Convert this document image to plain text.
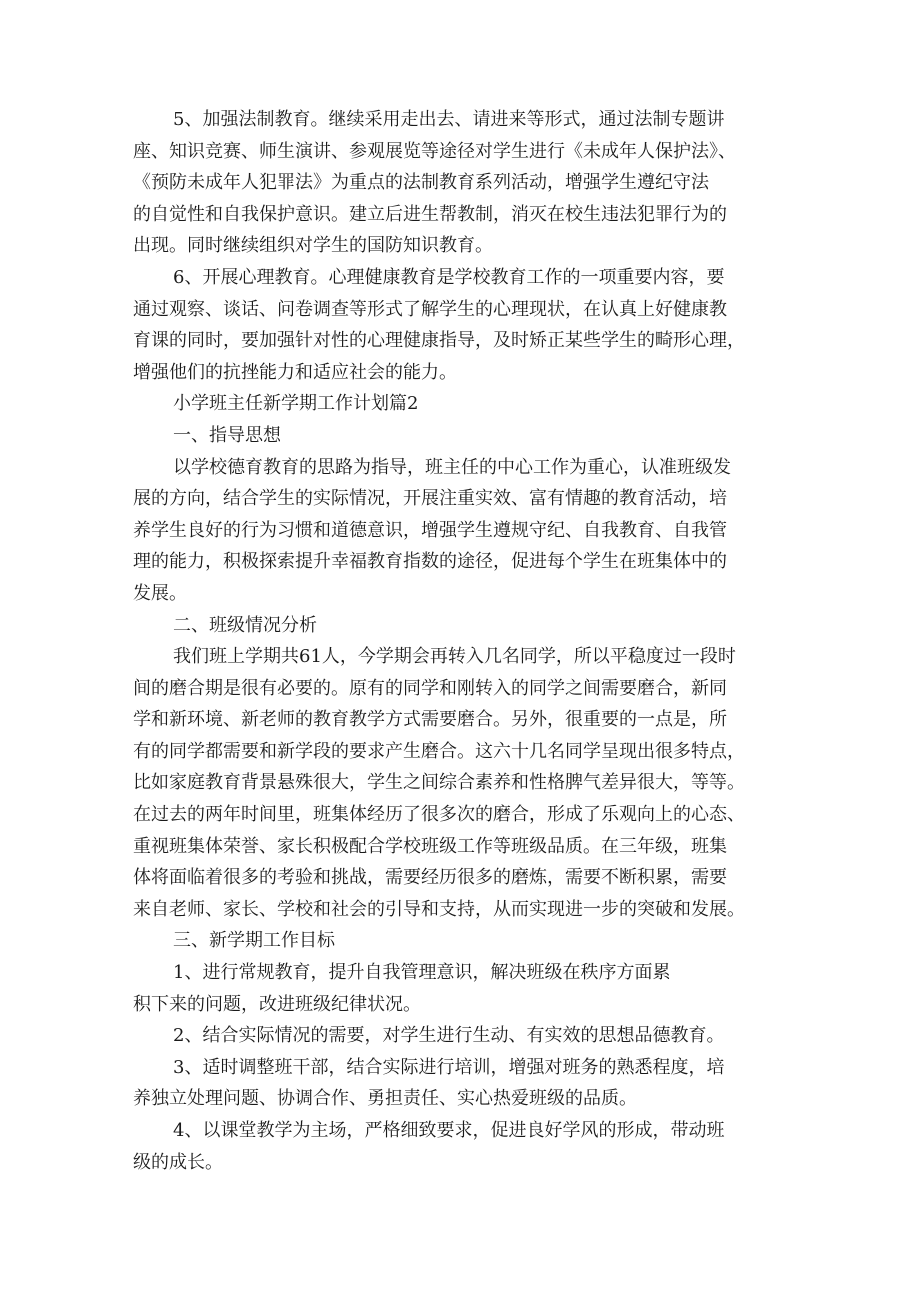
5、加强法制教育。继续采用走出去、请进来等形式，通过法制专题讲
座、知识竞赛、师生演讲、参观展览等途径对学生进行《未成年人保护法》、
《预防未成年人犯罪法》为重点的法制教育系列活动，增强学生遵纪守法
的自觉性和自我保护意识。建立后进生帮教制，消灭在校生违法犯罪行为的
出现。同时继续组织对学生的国防知识教育。
6、开展心理教育。心理健康教育是学校教育工作的一项重要内容，要
通过观察、谈话、问卷调查等形式了解学生的心理现状，在认真上好健康教
育课的同时，要加强针对性的心理健康指导，及时矫正某些学生的畸形心理，
增强他们的抗挫能力和适应社会的能力。
小学班主任新学期工作计划篇2
一、指导思想
以学校德育教育的思路为指导，班主任的中心工作为重心，认准班级发
展的方向，结合学生的实际情况，开展注重实效、富有情趣的教育活动，培
养学生良好的行为习惯和道德意识，增强学生遵规守纪、自我教育、自我管
理的能力，积极探索提升幸福教育指数的途径，促进每个学生在班集体中的
发展。
二、班级情况分析
我们班上学期共61人，今学期会再转入几名同学，所以平稳度过一段时
间的磨合期是很有必要的。原有的同学和刚转入的同学之间需要磨合，新同
学和新环境、新老师的教育教学方式需要磨合。另外，很重要的一点是，所
有的同学都需要和新学段的要求产生磨合。这六十几名同学呈现出很多特点，
比如家庭教育背景悬殊很大，学生之间综合素养和性格脾气差异很大，等等。
在过去的两年时间里，班集体经历了很多次的磨合，形成了乐观向上的心态、
重视班集体荣誉、家长积极配合学校班级工作等班级品质。在三年级，班集
体将面临着很多的考验和挑战，需要经历很多的磨炼，需要不断积累，需要
来自老师、家长、学校和社会的引导和支持，从而实现进一步的突破和发展。
三、新学期工作目标
1、进行常规教育，提升自我管理意识，解决班级在秩序方面累
积下来的问题，改进班级纪律状况。
2、结合实际情况的需要，对学生进行生动、有实效的思想品德教育。
3、适时调整班干部，结合实际进行培训，增强对班务的熟悉程度，培
养独立处理问题、协调合作、勇担责任、实心热爱班级的品质。
4、以课堂教学为主场，严格细致要求，促进良好学风的形成，带动班
级的成长。
